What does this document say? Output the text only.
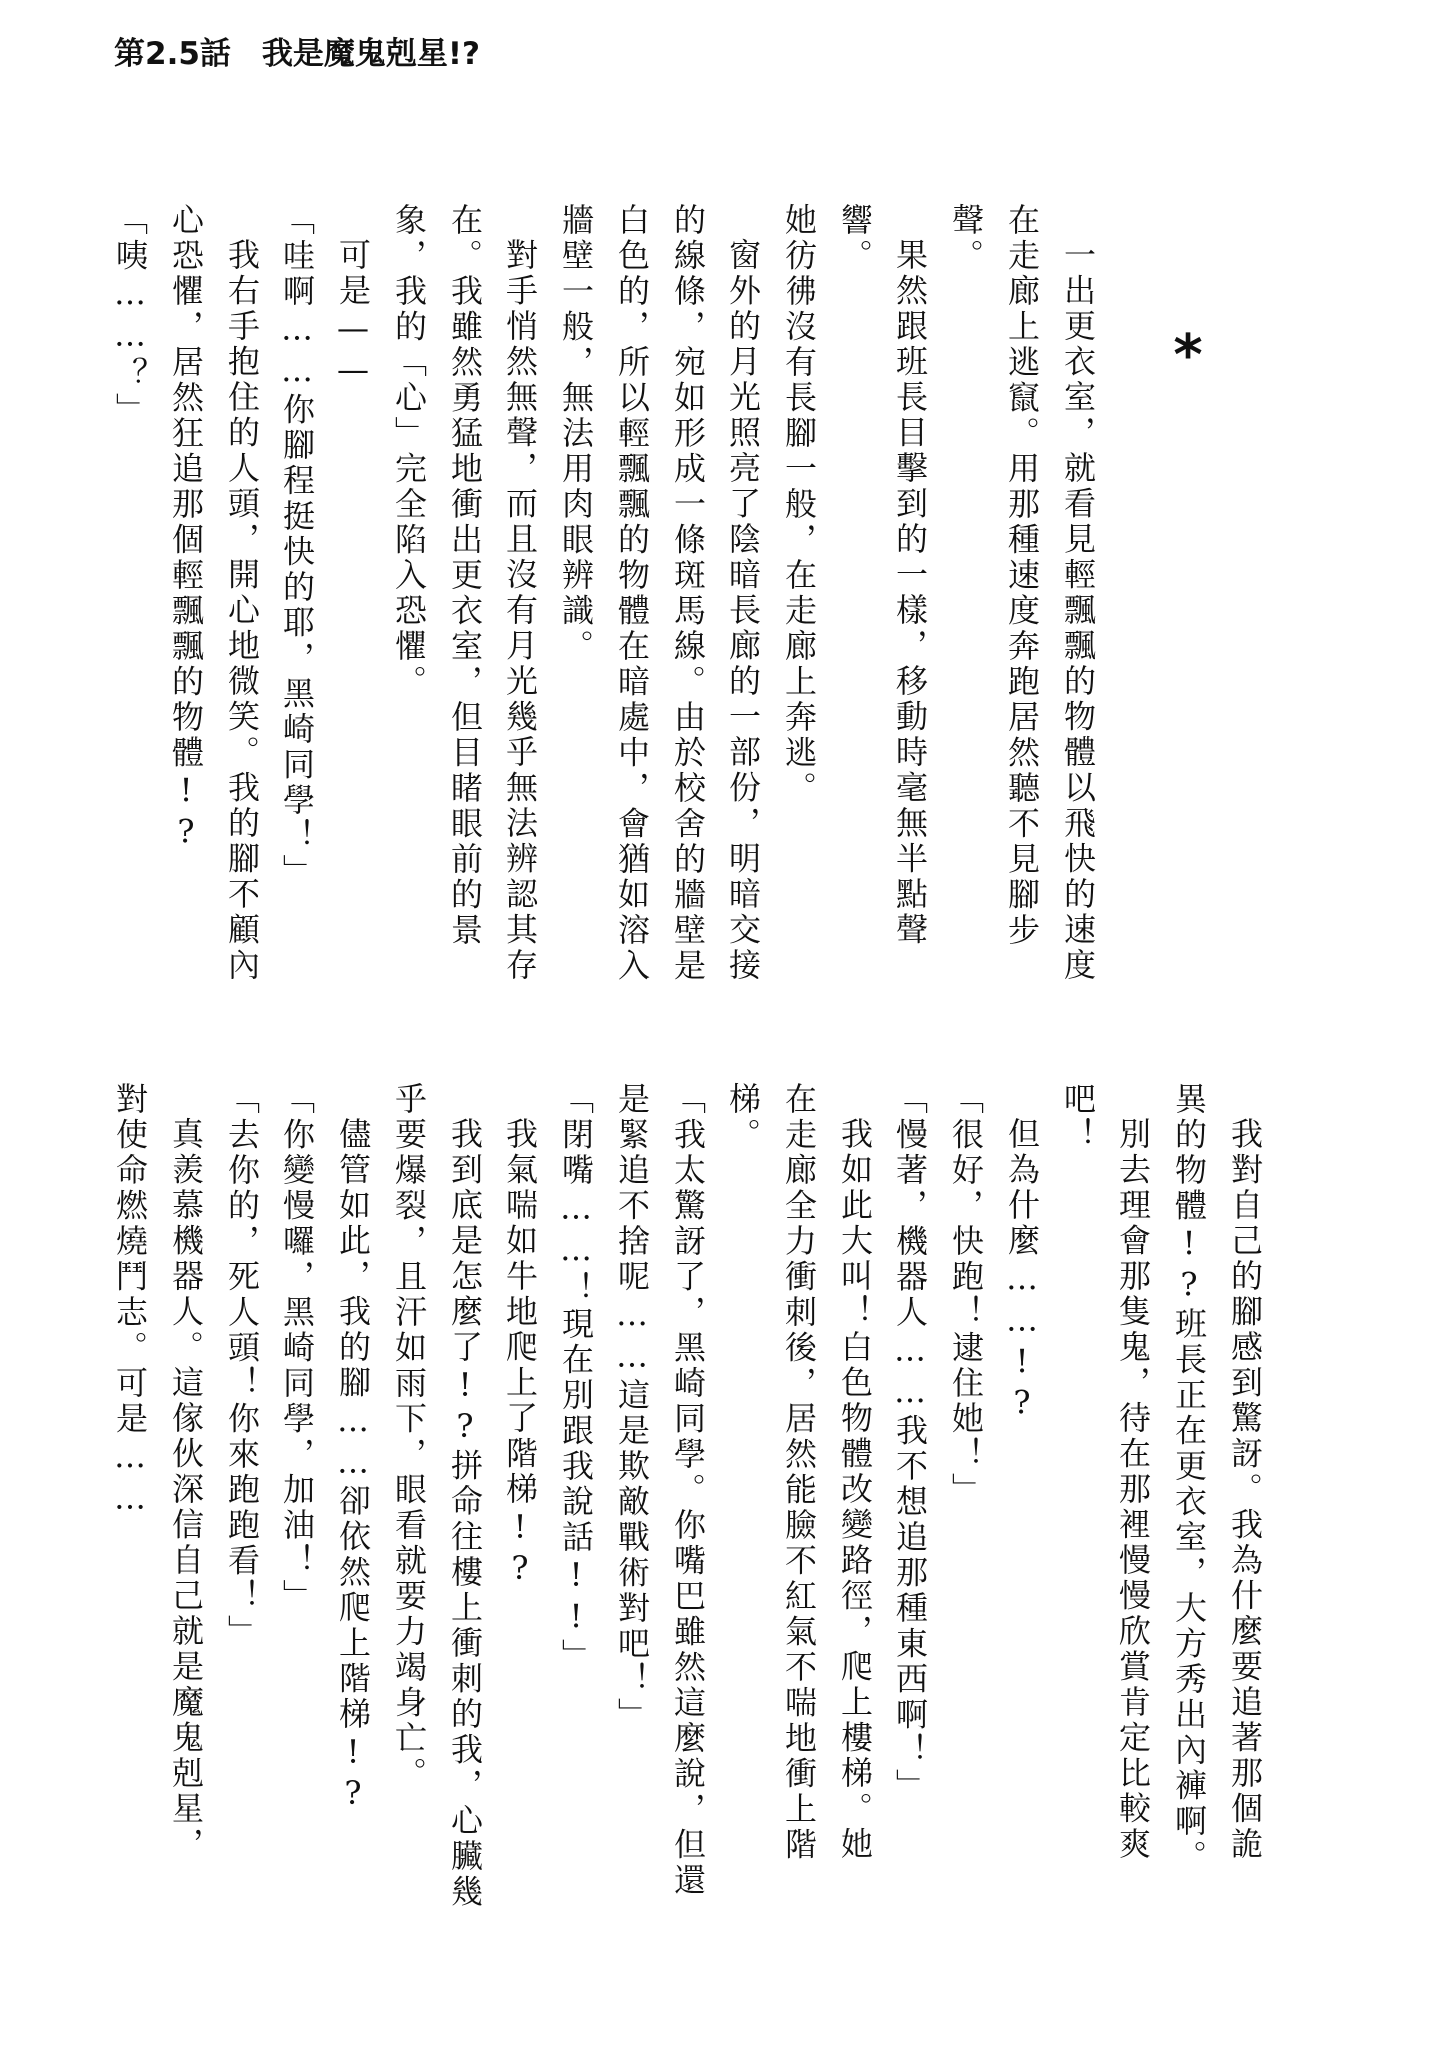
第2.5話　我是魔鬼剋星!?
*
一出更衣室，就看見輕飄飄的物體以飛快的速度
在走廊上逃竄。用那種速度奔跑居然聽不見腳步
聲。
果然跟班長目擊到的一樣，移動時毫無半點聲
響。
她彷彿沒有長腳一般，在走廊上奔逃。
窗外的月光照亮了陰暗長廊的一部份，明暗交接
的線條，宛如形成一條斑馬線。由於校舍的牆壁是
白色的，所以輕飄飄的物體在暗處中，會猶如溶入
牆壁一般，無法用肉眼辨識。
對手悄然無聲，而且沒有月光幾乎無法辨認其存
在。我雖然勇猛地衝出更衣室，但目睹眼前的景
象，我的「心」完全陷入恐懼。
可是——
「哇啊……你腳程挺快的耶，黑崎同學！」
我右手抱住的人頭，開心地微笑。我的腳不顧內
心恐懼，居然狂追那個輕飄飄的物體!?
「咦……？」
我對自己的腳感到驚訝。我為什麼要追著那個詭
異的物體!?班長正在更衣室，大方秀出內褲啊。
別去理會那隻鬼，待在那裡慢慢欣賞肯定比較爽
吧！
但為什麼……!?
「很好，快跑！逮住她！」
「慢著，機器人……我不想追那種東西啊！」
我如此大叫！白色物體改變路徑，爬上樓梯。她
在走廊全力衝刺後，居然能臉不紅氣不喘地衝上階
梯。
「我太驚訝了，黑崎同學。你嘴巴雖然這麼說，但還
是緊追不捨呢……這是欺敵戰術對吧！」
「閉嘴……！現在別跟我說話!!」
我氣喘如牛地爬上了階梯!?
我到底是怎麼了!?拼命往樓上衝刺的我，心臟幾
乎要爆裂，且汗如雨下，眼看就要力竭身亡。
儘管如此，我的腳……卻依然爬上階梯!?
「你變慢囉，黑崎同學，加油！」
「去你的，死人頭！你來跑跑看！」
真羨慕機器人。這傢伙深信自己就是魔鬼剋星，
對使命燃燒鬥志。可是……
